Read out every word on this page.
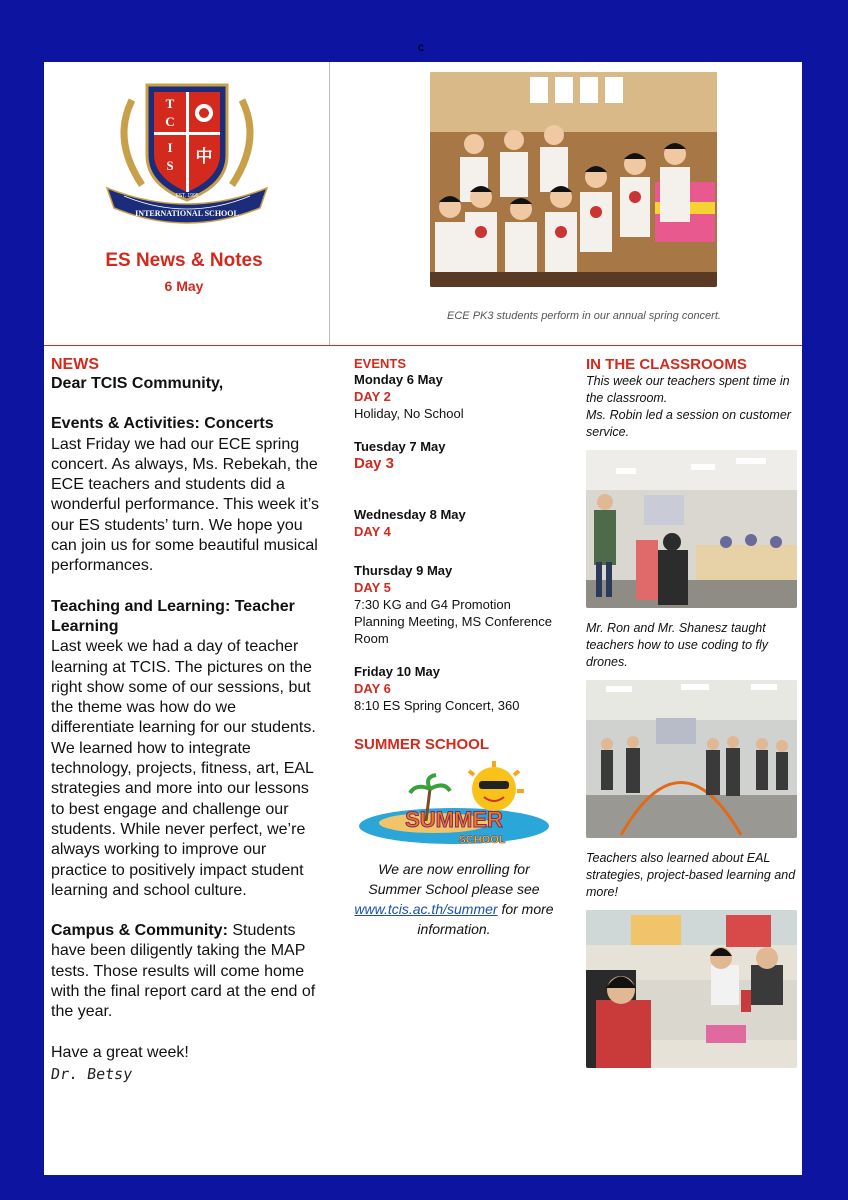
c
T
C
I
S 中
INTERNATIONAL SCHOOL
EST. 1995
ES News & Notes
6 May
ECE PK3 students perform in our annual spring concert.
NEWS
Dear TCIS Community,
Events & Activities: Concerts
Last Friday we had our ECE spring concert. As always, Ms. Rebekah, the ECE teachers and students did a wonderful performance. This week it’s our ES students’ turn. We hope you can join us for some beautiful musical performances.
Teaching and Learning: Teacher Learning
Last week we had a day of teacher learning at TCIS. The pictures on the right show some of our sessions, but the theme was how do we differentiate learning for our students. We learned how to integrate technology, projects, fitness, art, EAL strategies and more into our lessons to best engage and challenge our students. While never perfect, we’re always working to improve our practice to positively impact student learning and school culture.
Campus & Community: Students have been diligently taking the MAP tests. Those results will come home with the final report card at the end of the year.
Have a great week!
Dr. Betsy
EVENTS
Monday 6 May
DAY 2
Holiday, No School
Tuesday 7 May
Day 3
Wednesday 8 May
DAY 4
Thursday 9 May
DAY 5
7:30 KG and G4 Promotion Planning Meeting, MS Conference Room
Friday 10 May
DAY 6
8:10 ES Spring Concert, 360
SUMMER SCHOOL
SUMMER
SCHOOL
We are now enrolling for Summer School please see www.tcis.ac.th/summer for more information.
IN THE CLASSROOMS
This week our teachers spent time in the classroom.
Ms. Robin led a session on customer service.
Mr. Ron and Mr. Shanesz taught teachers how to use coding to fly drones.
Teachers also learned about EAL strategies, project-based learning and more!
